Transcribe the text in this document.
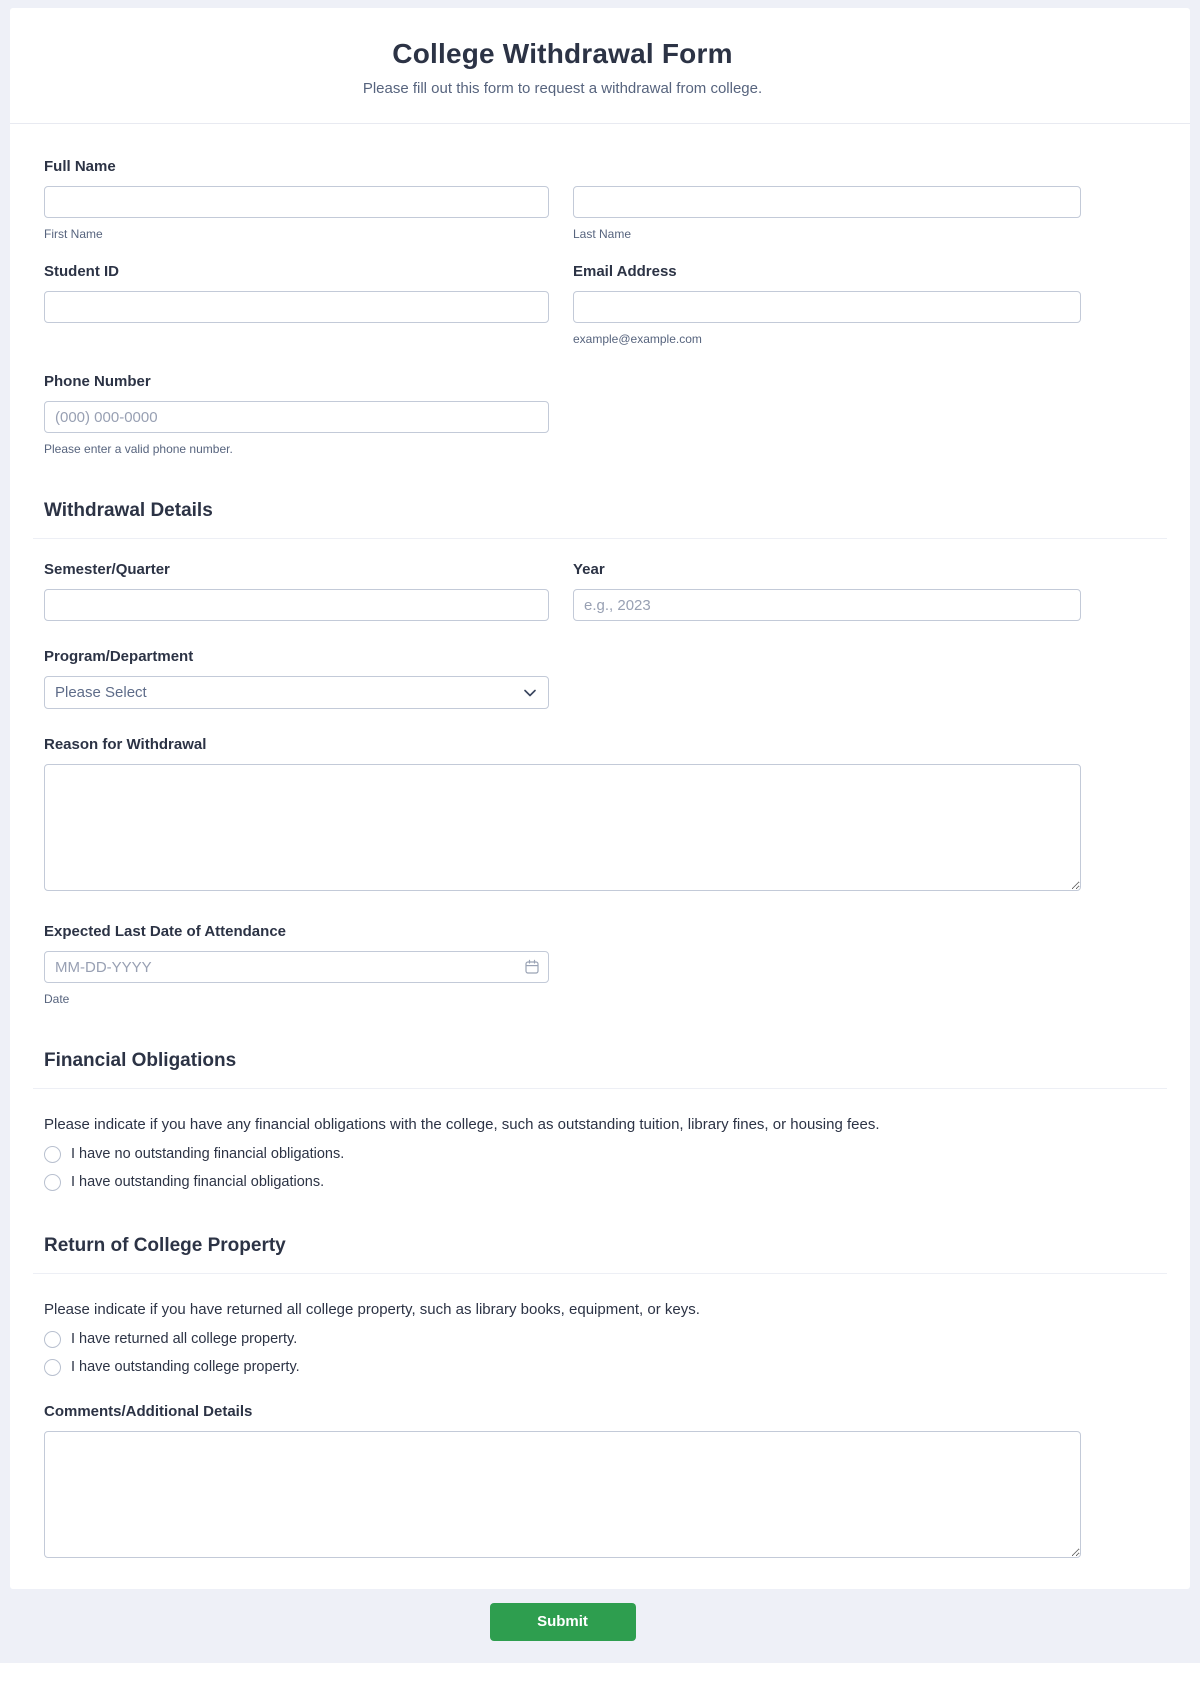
College Withdrawal Form
Please fill out this form to request a withdrawal from college.
Full Name
First Name	Last Name
Student ID	Email Address
example@example.com
Phone Number
(000) 000-0000
Please enter a valid phone number.
Withdrawal Details
Semester/Quarter	Year
e.g., 2023
Program/Department
Please Select
Reason for Withdrawal
Expected Last Date of Attendance
MM-DD-YYYY
Date
Financial Obligations
Please indicate if you have any financial obligations with the college, such as outstanding tuition, library fines, or housing fees.
I have no outstanding financial obligations.
I have outstanding financial obligations.
Return of College Property
Please indicate if you have returned all college property, such as library books, equipment, or keys.
I have returned all college property.
I have outstanding college property.
Comments/Additional Details
Submit
